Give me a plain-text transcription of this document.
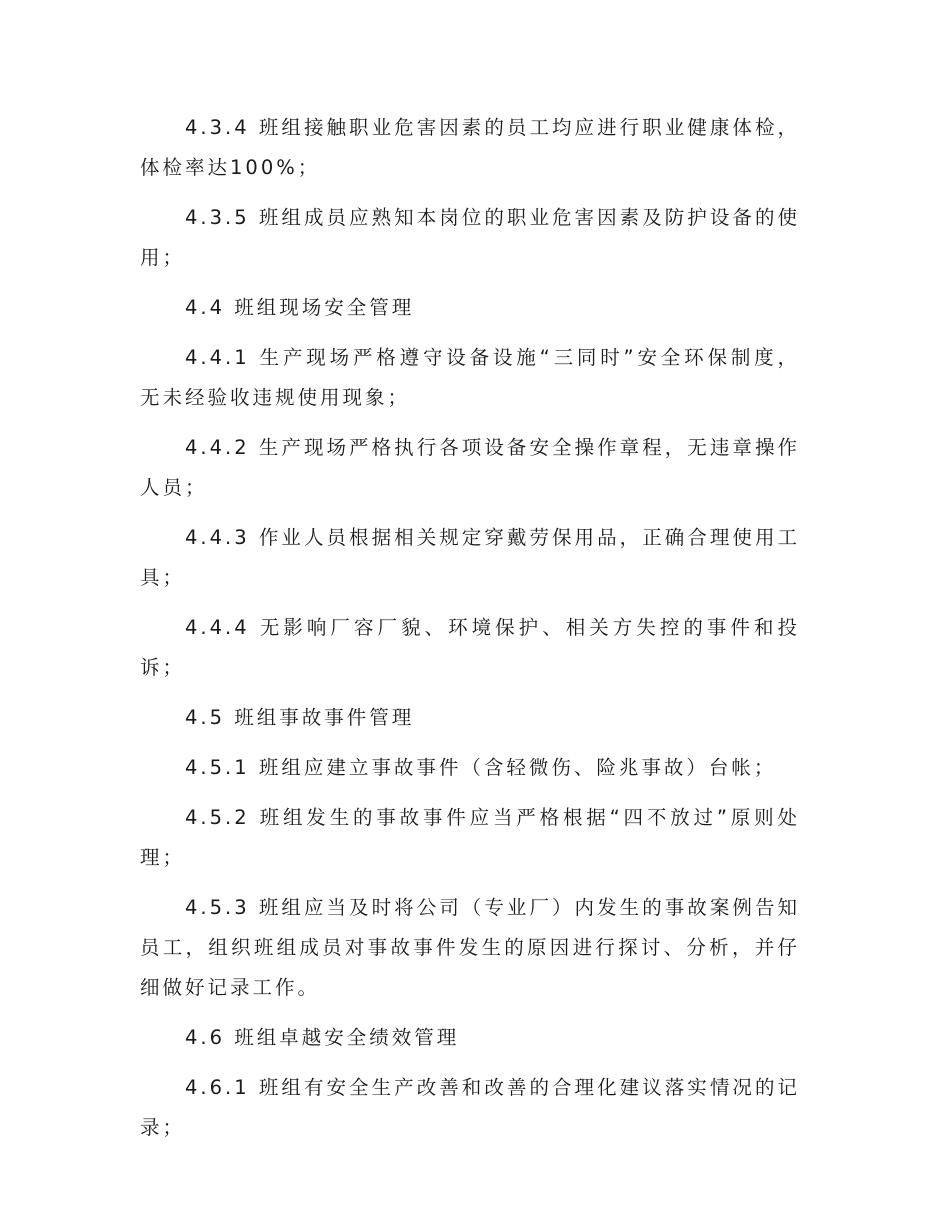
4.3.4 班组接触职业危害因素的员工均应进行职业健康体检，体检率达100%；

4.3.5 班组成员应熟知本岗位的职业危害因素及防护设备的使用；

4.4 班组现场安全管理

4.4.1 生产现场严格遵守设备设施“三同时”安全环保制度，无未经验收违规使用现象；

4.4.2 生产现场严格执行各项设备安全操作章程，无违章操作人员；

4.4.3 作业人员根据相关规定穿戴劳保用品，正确合理使用工具；

4.4.4 无影响厂容厂貌、环境保护、相关方失控的事件和投诉；

4.5 班组事故事件管理

4.5.1 班组应建立事故事件（含轻微伤、险兆事故）台帐；

4.5.2 班组发生的事故事件应当严格根据“四不放过”原则处理；

4.5.3 班组应当及时将公司（专业厂）内发生的事故案例告知员工，组织班组成员对事故事件发生的原因进行探讨、分析，并仔细做好记录工作。

4.6 班组卓越安全绩效管理

4.6.1 班组有安全生产改善和改善的合理化建议落实情况的记录；
